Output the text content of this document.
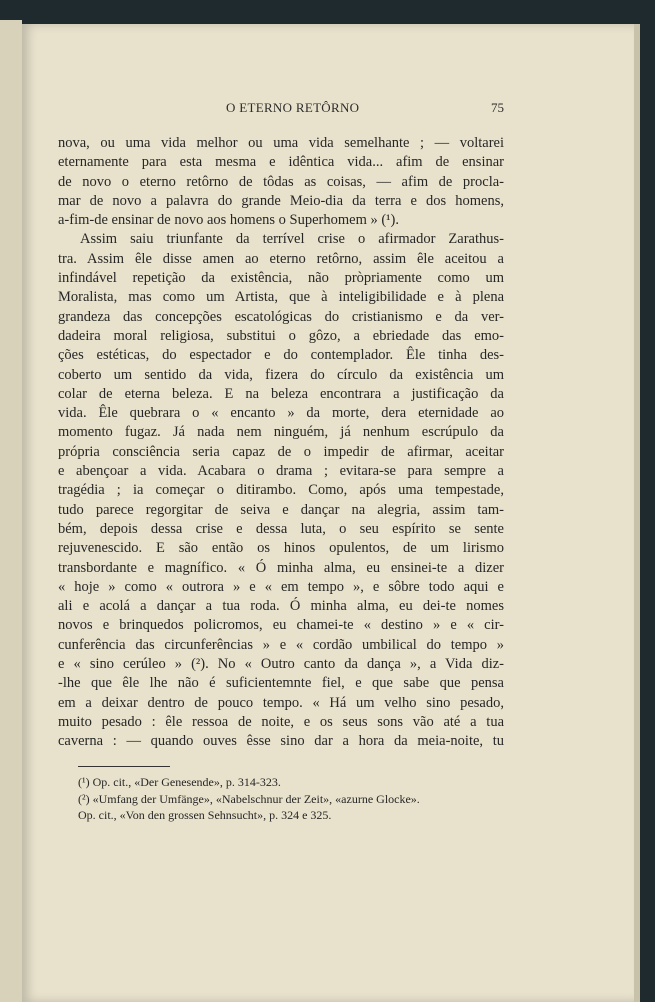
O ETERNO RETÔRNO	75
nova, ou uma vida melhor ou uma vida semelhante ; — voltarei
eternamente para esta mesma e idêntica vida... afim de ensinar
de novo o eterno retôrno de tôdas as coisas, — afim de procla-
mar de novo a palavra do grande Meio-dia da terra e dos homens,
a-fim-de ensinar de novo aos homens o Superhomem » (¹).
Assim saiu triunfante da terrível crise o afirmador Zarathus-
tra. Assim êle disse amen ao eterno retôrno, assim êle aceitou a
infindável repetição da existência, não pròpriamente como um
Moralista, mas como um Artista, que à inteligibilidade e à plena
grandeza das concepções escatológicas do cristianismo e da ver-
dadeira moral religiosa, substitui o gôzo, a ebriedade das emo-
ções estéticas, do espectador e do contemplador. Êle tinha des-
coberto um sentido da vida, fizera do círculo da existência um
colar de eterna beleza. E na beleza encontrara a justificação da
vida. Êle quebrara o « encanto » da morte, dera eternidade ao
momento fugaz. Já nada nem ninguém, já nenhum escrúpulo da
própria consciência seria capaz de o impedir de afirmar, aceitar
e abençoar a vida. Acabara o drama ; evitara-se para sempre a
tragédia ; ia começar o ditirambo. Como, após uma tempestade,
tudo parece regorgitar de seiva e dançar na alegria, assim tam-
bém, depois dessa crise e dessa luta, o seu espírito se sente
rejuvenescido. E são então os hinos opulentos, de um lirismo
transbordante e magnífico. « Ó minha alma, eu ensinei-te a dizer
« hoje » como « outrora » e « em tempo », e sôbre todo aqui e
ali e acolá a dançar a tua roda. Ó minha alma, eu dei-te nomes
novos e brinquedos policromos, eu chamei-te « destino » e « cir-
cunferência das circunferências » e « cordão umbilical do tempo »
e « sino cerúleo » (²). No « Outro canto da dança », a Vida diz-
-lhe que êle lhe não é suficientemnte fiel, e que sabe que pensa
em a deixar dentro de pouco tempo. « Há um velho sino pesado,
muito pesado : êle ressoa de noite, e os seus sons vão até a tua
caverna : — quando ouves êsse sino dar a hora da meia-noite, tu
(¹) Op. cit., «Der Genesende», p. 314-323.
(²) «Umfang der Umfänge», «Nabelschnur der Zeit», «azurne Glocke».
Op. cit., «Von den grossen Sehnsucht», p. 324 e 325.
